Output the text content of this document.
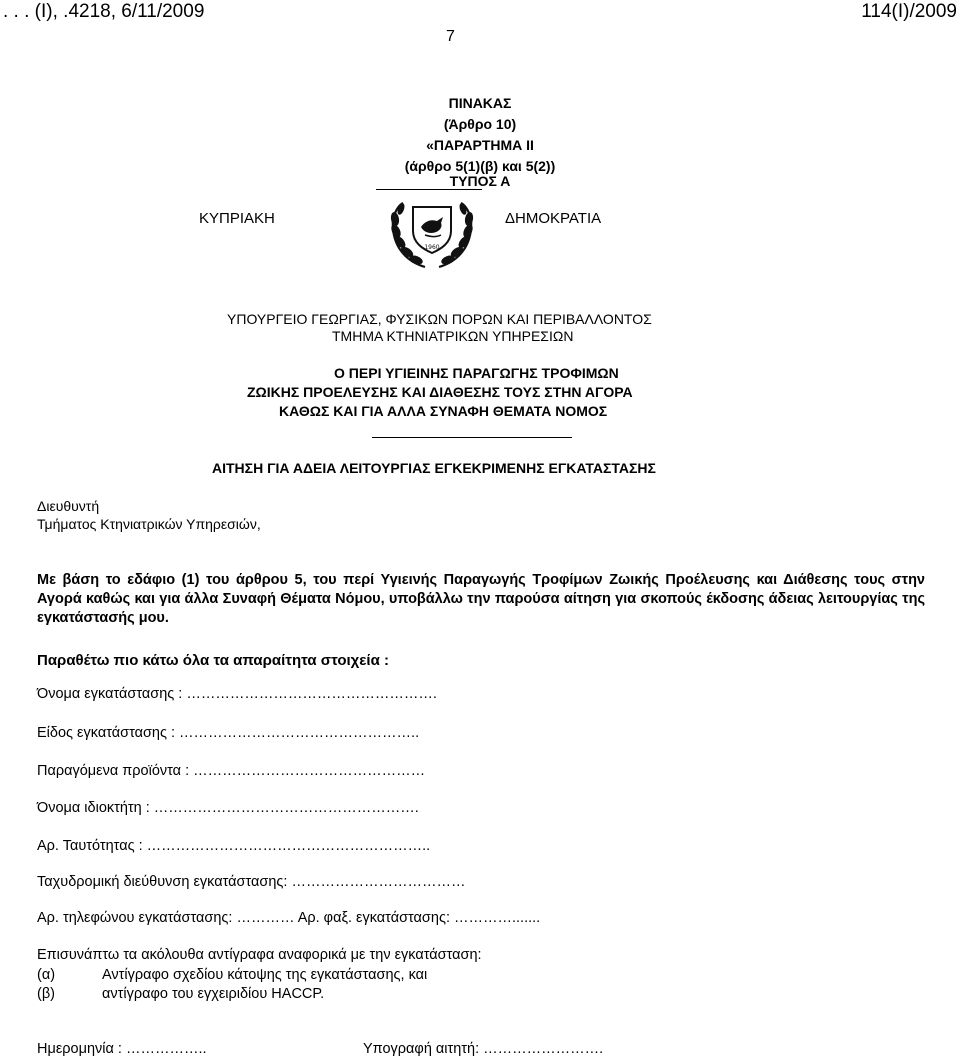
. . . (Ι), .4218, 6/11/2009	114(Ι)/2009
7
ΠΙΝΑΚΑΣ
(Άρθρο 10)
«ΠΑΡΑΡΤΗΜΑ ΙΙ
(άρθρο 5(1)(β) και 5(2))
ΤΥΠΟΣ Α
ΚΥΠΡΙΑΚΗ	ΔΗΜΟΚΡΑΤΙΑ
1960
ΥΠΟΥΡΓΕΙΟ ΓΕΩΡΓΙΑΣ, ΦΥΣΙΚΩΝ ΠΟΡΩΝ ΚΑΙ ΠΕΡΙΒΑΛΛΟΝΤΟΣ
ΤΜΗΜΑ ΚΤΗΝΙΑΤΡΙΚΩΝ ΥΠΗΡΕΣΙΩΝ
Ο ΠΕΡΙ ΥΓΙΕΙΝΗΣ ΠΑΡΑΓΩΓΗΣ ΤΡΟΦΙΜΩΝ
ΖΩΙΚΗΣ ΠΡΟΕΛΕΥΣΗΣ ΚΑΙ ΔΙΑΘΕΣΗΣ ΤΟΥΣ ΣΤΗΝ ΑΓΟΡΑ
ΚΑΘΩΣ ΚΑΙ ΓΙΑ ΑΛΛΑ ΣΥΝΑΦΗ ΘΕΜΑΤΑ ΝΟΜΟΣ
ΑΙΤΗΣΗ ΓΙΑ ΑΔΕΙΑ ΛΕΙΤΟΥΡΓΙΑΣ ΕΓΚΕΚΡΙΜΕΝΗΣ ΕΓΚΑΤΑΣΤΑΣΗΣ
Διευθυντή
Τμήματος Κτηνιατρικών Υπηρεσιών,
Με βάση το εδάφιο (1) του άρθρου 5, του περί Υγιεινής Παραγωγής Τροφίμων Ζωικής Προέλευσης και Διάθεσης τους στην Αγορά καθώς και για άλλα Συναφή Θέματα Νόμου, υποβάλλω την παρούσα αίτηση για σκοπούς έκδοσης άδειας λειτουργίας της εγκατάστασής μου.
Παραθέτω πιο κάτω όλα τα απαραίτητα στοιχεία :
Όνομα εγκατάστασης : …………………………………………….
Είδος εγκατάστασης : …………………………………………..
Παραγόμενα προϊόντα : …………………………………………
Όνομα ιδιοκτήτη : ……………………………………………….
Αρ. Ταυτότητας : …………………………………………………..
Ταχυδρομική διεύθυνση εγκατάστασης: ………………………………
Αρ. τηλεφώνου εγκατάστασης: ………… Αρ. φαξ. εγκατάστασης: ………….......
Επισυνάπτω τα ακόλουθα αντίγραφα αναφορικά με την εγκατάσταση:
(α)	Αντίγραφο σχεδίου κάτοψης της εγκατάστασης, και
(β)	αντίγραφο του εγχειριδίου HACCP.
Ημερομηνία : ……………..	Υπογραφή αιτητή: …………………….
